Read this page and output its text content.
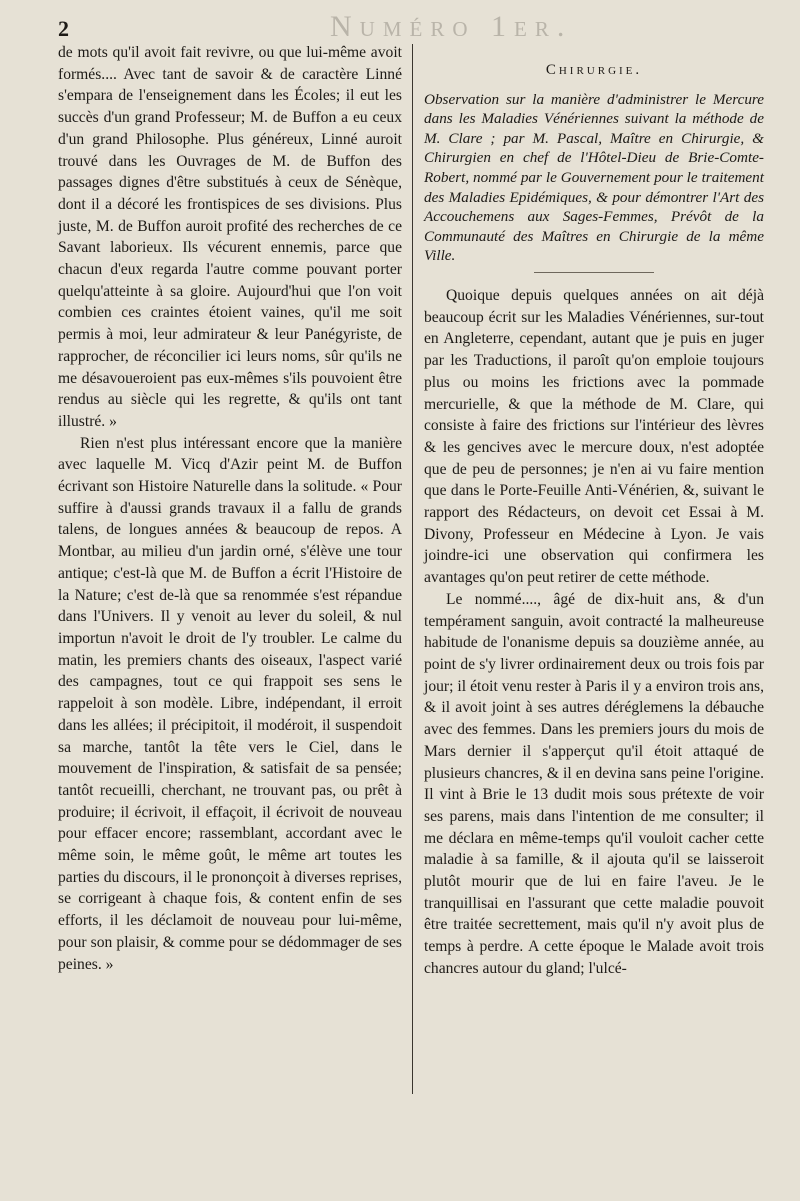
2	Numéro 1er.

de mots qu'il avoit fait revivre, ou que lui-même avoit formés.... Avec tant de savoir & de caractère Linné s'empara de l'enseignement dans les Écoles; il eut les succès d'un grand Professeur; M. de Buffon a eu ceux d'un grand Philosophe. Plus généreux, Linné auroit trouvé dans les Ouvrages de M. de Buffon des passages dignes d'être substitués à ceux de Sénèque, dont il a décoré les frontispices de ses divisions. Plus juste, M. de Buffon auroit profité des recherches de ce Savant laborieux. Ils vécurent ennemis, parce que chacun d'eux regarda l'autre comme pouvant porter quelqu'atteinte à sa gloire. Aujourd'hui que l'on voit combien ces craintes étoient vaines, qu'il me soit permis à moi, leur admirateur & leur Panégyriste, de rapprocher, de réconcilier ici leurs noms, sûr qu'ils ne me désavoueroient pas eux-mêmes s'ils pouvoient être rendus au siècle qui les regrette, & qu'ils ont tant illustré. »

Rien n'est plus intéressant encore que la manière avec laquelle M. Vicq d'Azir peint M. de Buffon écrivant son Histoire Naturelle dans la solitude. « Pour suffire à d'aussi grands travaux il a fallu de grands talens, de longues années & beaucoup de repos. A Montbar, au milieu d'un jardin orné, s'élève une tour antique; c'est-là que M. de Buffon a écrit l'Histoire de la Nature; c'est de-là que sa renommée s'est répandue dans l'Univers. Il y venoit au lever du soleil, & nul importun n'avoit le droit de l'y troubler. Le calme du matin, les premiers chants des oiseaux, l'aspect varié des campagnes, tout ce qui frappoit ses sens le rappeloit à son modèle. Libre, indépendant, il erroit dans les allées; il précipitoit, il modéroit, il suspendoit sa marche, tantôt la tête vers le Ciel, dans le mouvement de l'inspiration, & satisfait de sa pensée; tantôt recueilli, cherchant, ne trouvant pas, ou prêt à produire; il écrivoit, il effaçoit, il écrivoit de nouveau pour effacer encore; rassemblant, accordant avec le même soin, le même goût, le même art toutes les parties du discours, il le prononçoit à diverses reprises, se corrigeant à chaque fois, & content enfin de ses efforts, il les déclamoit de nouveau pour lui-même, pour son plaisir, & comme pour se dédommager de ses peines. »

Chirurgie.
Observation sur la manière d'administrer le Mercure dans les Maladies Vénériennes suivant la méthode de M. Clare ; par M. Pascal, Maître en Chirurgie, & Chirurgien en chef de l'Hôtel-Dieu de Brie-Comte-Robert, nommé par le Gouvernement pour le traitement des Maladies Epidémiques, & pour démontrer l'Art des Accouchemens aux Sages-Femmes, Prévôt de la Communauté des Maîtres en Chirurgie de la même Ville.

Quoique depuis quelques années on ait déjà beaucoup écrit sur les Maladies Vénériennes, sur-tout en Angleterre, cependant, autant que je puis en juger par les Traductions, il paroît qu'on emploie toujours plus ou moins les frictions avec la pommade mercurielle, & que la méthode de M. Clare, qui consiste à faire des frictions sur l'intérieur des lèvres & les gencives avec le mercure doux, n'est adoptée que de peu de personnes; je n'en ai vu faire mention que dans le Porte-Feuille Anti-Vénérien, &, suivant le rapport des Rédacteurs, on devoit cet Essai à M. Divony, Professeur en Médecine à Lyon. Je vais joindre-ici une observation qui confirmera les avantages qu'on peut retirer de cette méthode.

Le nommé...., âgé de dix-huit ans, & d'un tempérament sanguin, avoit contracté la malheureuse habitude de l'onanisme depuis sa douzième année, au point de s'y livrer ordinairement deux ou trois fois par jour; il étoit venu rester à Paris il y a environ trois ans, & il avoit joint à ses autres déréglemens la débauche avec des femmes. Dans les premiers jours du mois de Mars dernier il s'apperçut qu'il étoit attaqué de plusieurs chancres, & il en devina sans peine l'origine. Il vint à Brie le 13 dudit mois sous prétexte de voir ses parens, mais dans l'intention de me consulter; il me déclara en même-temps qu'il vouloit cacher cette maladie à sa famille, & il ajouta qu'il se laisseroit plutôt mourir que de lui en faire l'aveu. Je le tranquillisai en l'assurant que cette maladie pouvoit être traitée secrettement, mais qu'il n'y avoit plus de temps à perdre. A cette époque le Malade avoit trois chancres autour du gland; l'ulcé-
